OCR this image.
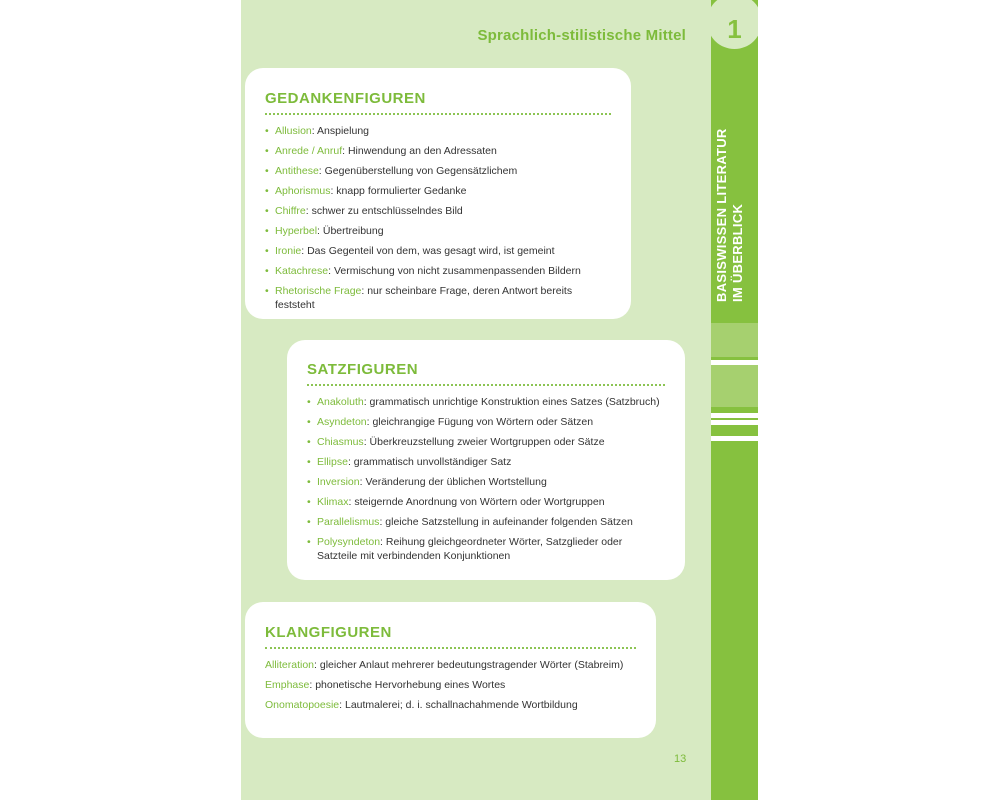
Sprachlich-stilistische Mittel	1
BASISWISSEN LITERATUR IM ÜBERBLICK
GEDANKENFIGUREN
• Allusion: Anspielung
• Anrede / Anruf: Hinwendung an den Adressaten
• Antithese: Gegenüberstellung von Gegensätzlichem
• Aphorismus: knapp formulierter Gedanke
• Chiffre: schwer zu entschlüsselndes Bild
• Hyperbel: Übertreibung
• Ironie: Das Gegenteil von dem, was gesagt wird, ist gemeint
• Katachrese: Vermischung von nicht zusammenpassenden Bildern
• Rhetorische Frage: nur scheinbare Frage, deren Antwort bereits feststeht
SATZFIGUREN
• Anakoluth: grammatisch unrichtige Konstruktion eines Satzes (Satzbruch)
• Asyndeton: gleichrangige Fügung von Wörtern oder Sätzen
• Chiasmus: Überkreuzstellung zweier Wortgruppen oder Sätze
• Ellipse: grammatisch unvollständiger Satz
• Inversion: Veränderung der üblichen Wortstellung
• Klimax: steigernde Anordnung von Wörtern oder Wortgruppen
• Parallelismus: gleiche Satzstellung in aufeinander folgenden Sätzen
• Polysyndeton: Reihung gleichgeordneter Wörter, Satzglieder oder Satzteile mit verbindenden Konjunktionen
KLANGFIGUREN

Alliteration: gleicher Anlaut mehrerer bedeutungstragender Wörter (Stabreim)

Emphase: phonetische Hervorhebung eines Wortes

Onomatopoesie: Lautmalerei; d. i. schallnachahmende Wortbildung

13
